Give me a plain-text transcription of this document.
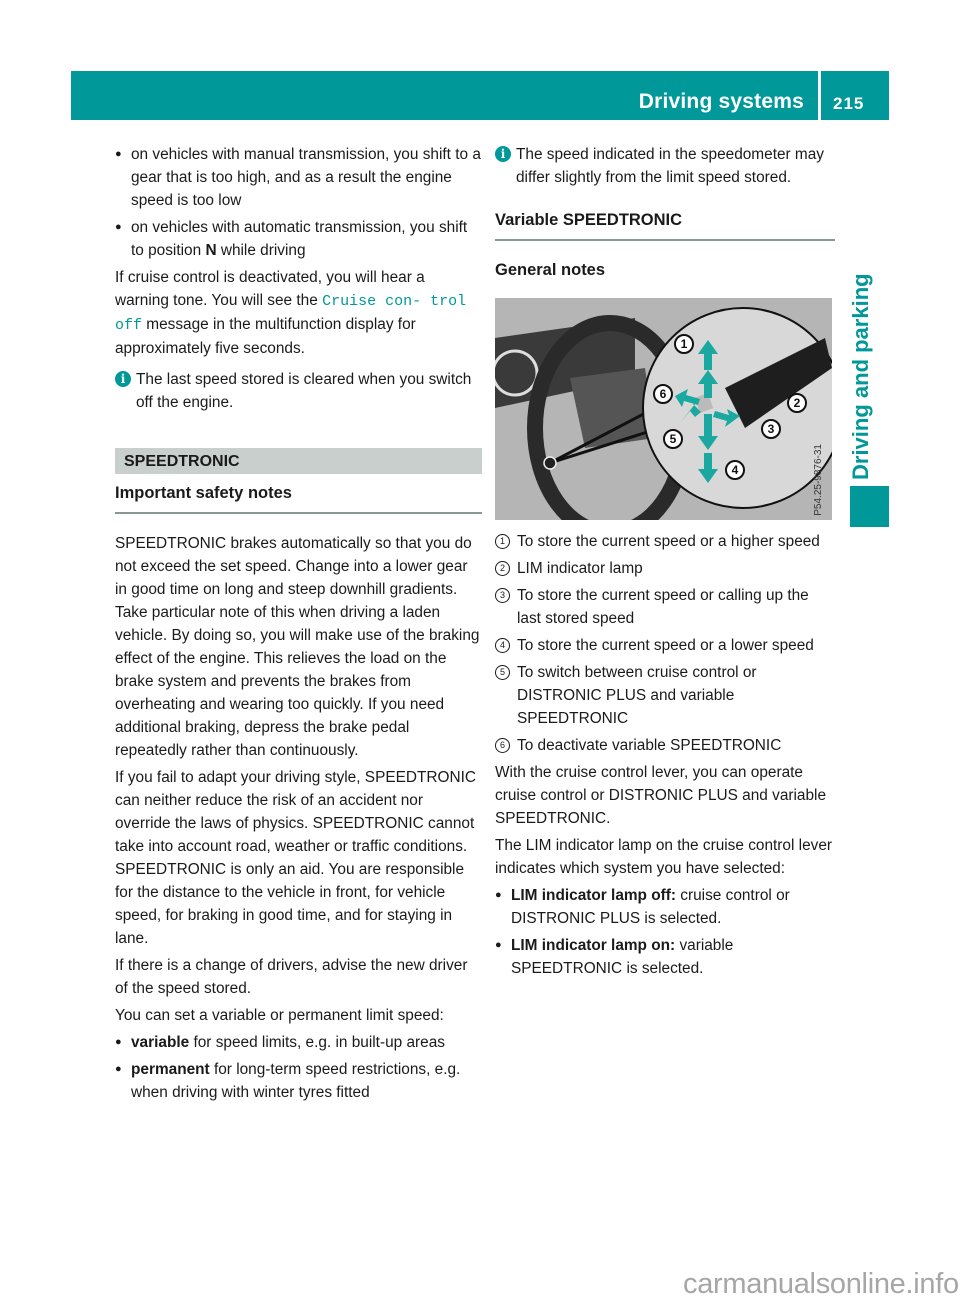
Driving systems 215
Driving and parking
● on vehicles with manual transmission, you shift to a gear that is too high, and as a result the engine speed is too low
● on vehicles with automatic transmission, you shift to position N while driving

If cruise control is deactivated, you will hear a warning tone. You will see the Cruise con‐ trol off message in the multifunction display for approximately five seconds.

i The last speed stored is cleared when you switch off the engine.
SPEEDTRONIC
Important safety notes

SPEEDTRONIC brakes automatically so that you do not exceed the set speed. Change into a lower gear in good time on long and steep downhill gradients. Take particular note of this when driving a laden vehicle. By doing so, you will make use of the braking effect of the engine. This relieves the load on the brake system and prevents the brakes from overheating and wearing too quickly. If you need additional braking, depress the brake pedal repeatedly rather than continuously.

If you fail to adapt your driving style, SPEEDTRONIC can neither reduce the risk of an accident nor override the laws of physics. SPEEDTRONIC cannot take into account road, weather or traffic conditions. SPEEDTRONIC is only an aid. You are responsible for the distance to the vehicle in front, for vehicle speed, for braking in good time, and for staying in lane.

If there is a change of drivers, advise the new driver of the speed stored.

You can set a variable or permanent limit speed:

● variable for speed limits, e.g. in built-up areas
● permanent for long-term speed restrictions, e.g. when driving with winter tyres fitted
i The speed indicated in the speedometer may differ slightly from the limit speed stored.
Variable SPEEDTRONIC
General notes
1
2
3
4
5
6
P54.25-9876-31
1 To store the current speed or a higher speed
2 LIM indicator lamp
3 To store the current speed or calling up the last stored speed
4 To store the current speed or a lower speed
5 To switch between cruise control or DISTRONIC PLUS and variable SPEEDTRONIC
6 To deactivate variable SPEEDTRONIC

With the cruise control lever, you can operate cruise control or DISTRONIC PLUS and variable SPEEDTRONIC.

The LIM indicator lamp on the cruise control lever indicates which system you have selected:

● LIM indicator lamp off: cruise control or DISTRONIC PLUS is selected.
● LIM indicator lamp on: variable SPEEDTRONIC is selected.
carmanualsonline.info
